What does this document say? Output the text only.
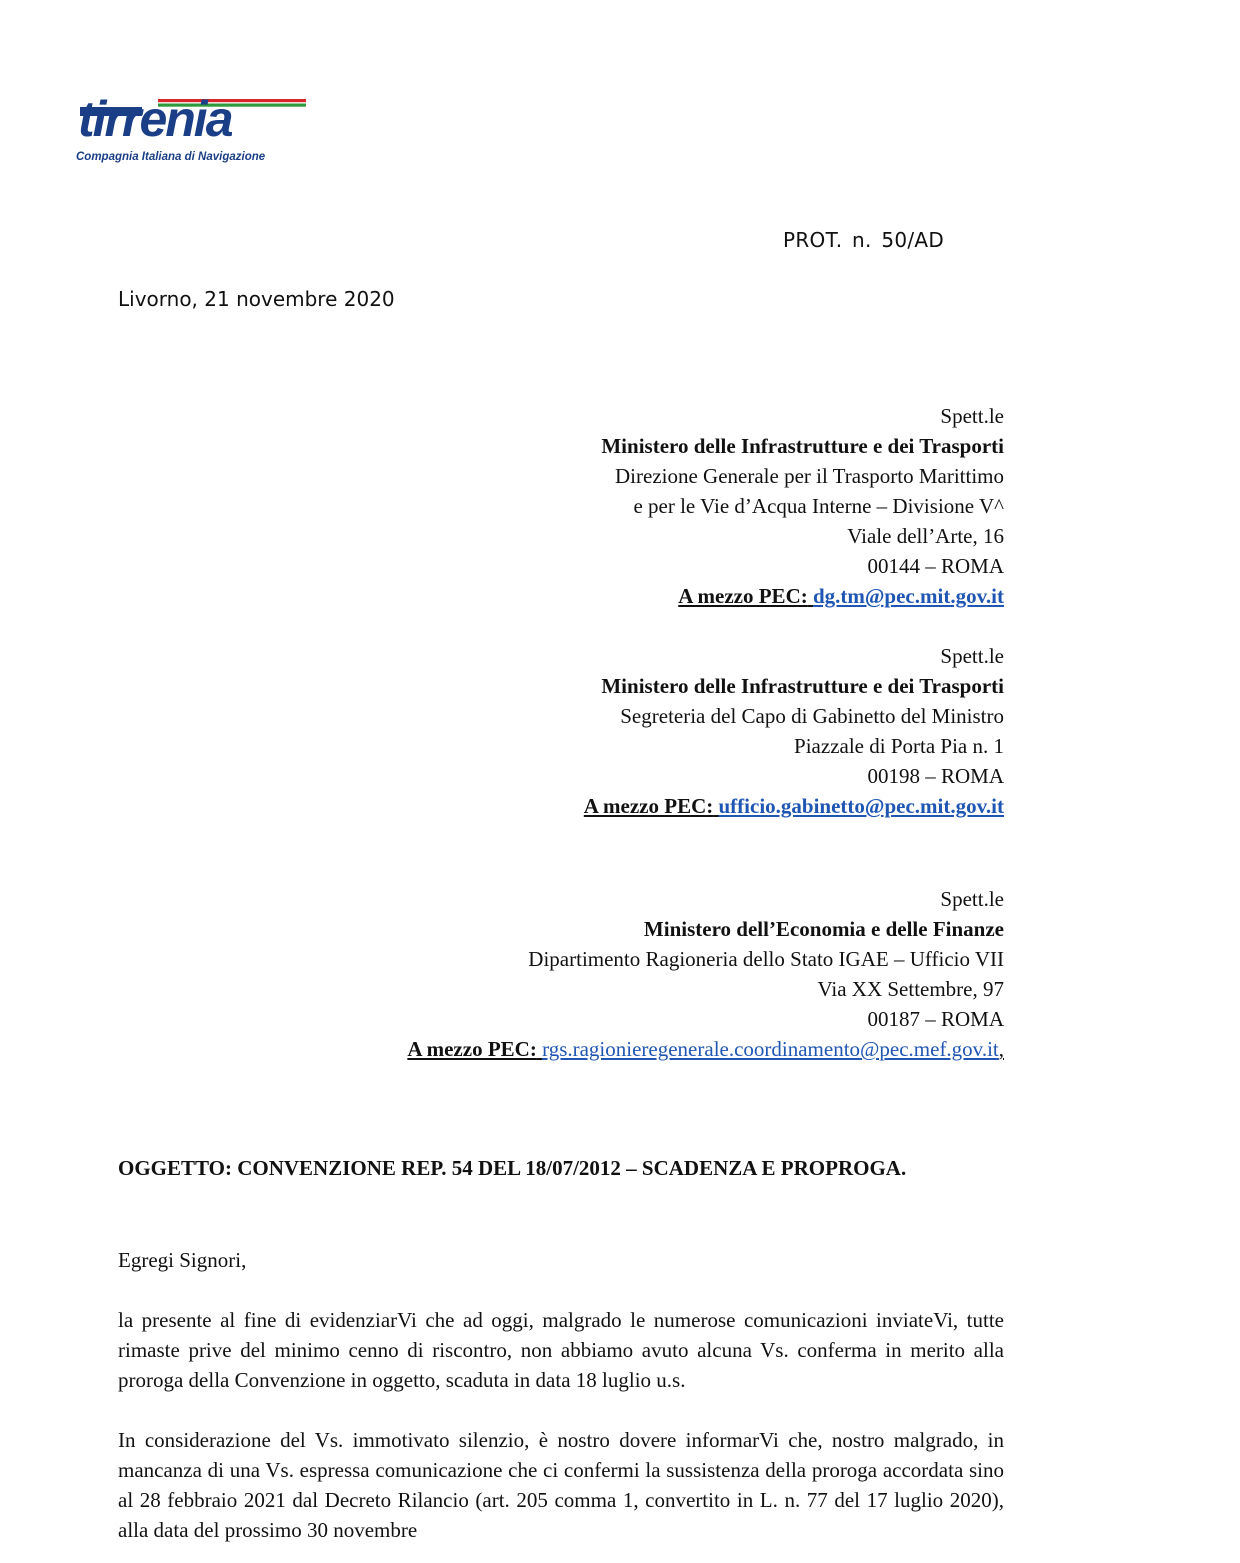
tirrenia
Compagnia Italiana di Navigazione
PROT. n. 50/AD
Livorno, 21 novembre 2020
Spett.le
Ministero delle Infrastrutture e dei Trasporti
Direzione Generale per il Trasporto Marittimo
e per le Vie d’Acqua Interne – Divisione V^
Viale dell’Arte, 16
00144 – ROMA
A mezzo PEC: dg.tm@pec.mit.gov.it
Spett.le
Ministero delle Infrastrutture e dei Trasporti
Segreteria del Capo di Gabinetto del Ministro
Piazzale di Porta Pia n. 1
00198 – ROMA
A mezzo PEC: ufficio.gabinetto@pec.mit.gov.it
Spett.le
Ministero dell’Economia e delle Finanze
Dipartimento Ragioneria dello Stato IGAE – Ufficio VII
Via XX Settembre, 97
00187 – ROMA
A mezzo PEC: rgs.ragionieregenerale.coordinamento@pec.mef.gov.it,
OGGETTO: CONVENZIONE REP. 54 DEL 18/07/2012 – SCADENZA E PROPROGA.
Egregi Signori,
la presente al fine di evidenziarVi che ad oggi, malgrado le numerose comunicazioni inviateVi, tutte rimaste prive del minimo cenno di riscontro, non abbiamo avuto alcuna Vs. conferma in merito alla proroga della Convenzione in oggetto, scaduta in data 18 luglio u.s.
In considerazione del Vs. immotivato silenzio, è nostro dovere informarVi che, nostro malgrado, in mancanza di una Vs. espressa comunicazione che ci confermi la sussistenza della proroga accordata sino al 28 febbraio 2021 dal Decreto Rilancio (art. 205 comma 1, convertito in L. n. 77 del 17 luglio 2020), alla data del prossimo 30 novembre
